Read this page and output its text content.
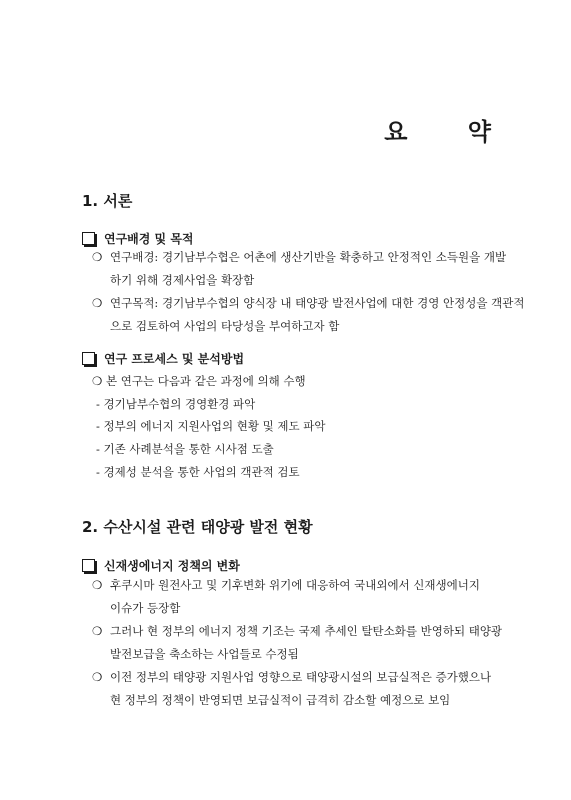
요 약
1. 서론
연구배경 및 목적
❍ 연구배경: 경기남부수협은 어촌에 생산기반을 확충하고 안정적인 소득원을 개발
하기 위해 경제사업을 확장함
❍ 연구목적: 경기남부수협의 양식장 내 태양광 발전사업에 대한 경영 안정성을 객관적
으로 검토하여 사업의 타당성을 부여하고자 함
연구 프로세스 및 분석방법
❍ 본 연구는 다음과 같은 과정에 의해 수행
- 경기남부수협의 경영환경 파악
- 정부의 에너지 지원사업의 현황 및 제도 파악
- 기존 사례분석을 통한 시사점 도출
- 경제성 분석을 통한 사업의 객관적 검토
2. 수산시설 관련 태양광 발전 현황
신재생에너지 정책의 변화
❍ 후쿠시마 원전사고 및 기후변화 위기에 대응하여 국내외에서 신재생에너지
이슈가 등장함
❍ 그러나 현 정부의 에너지 정책 기조는 국제 추세인 탈탄소화를 반영하되 태양광
발전보급을 축소하는 사업들로 수정됨
❍ 이전 정부의 태양광 지원사업 영향으로 태양광시설의 보급실적은 증가했으나
현 정부의 정책이 반영되면 보급실적이 급격히 감소할 예정으로 보임
